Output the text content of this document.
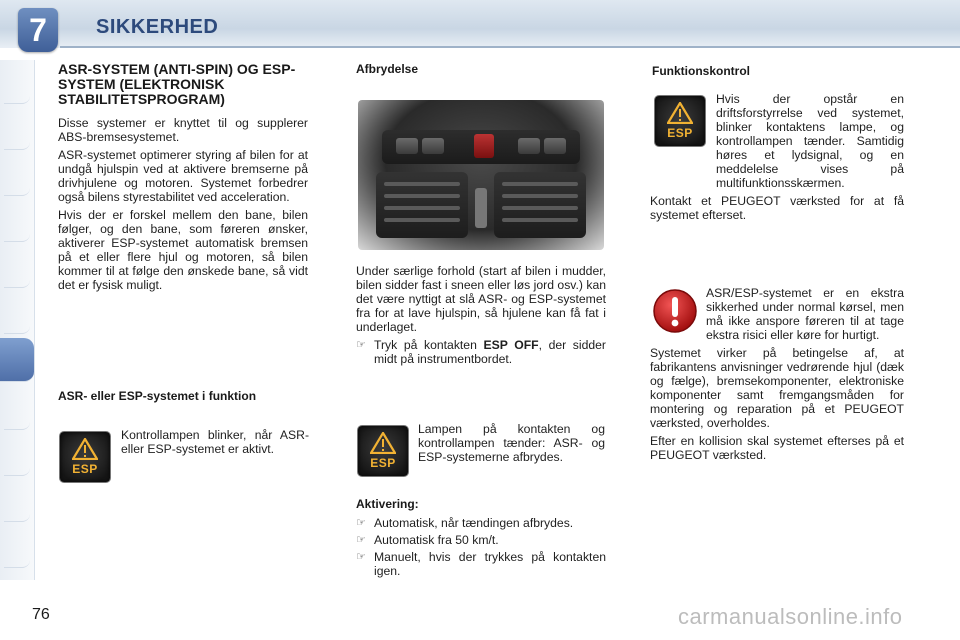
7	SIKKERHED
ASR-SYSTEM (ANTI-SPIN) OG ESP-SYSTEM (ELEKTRONISK STABILITETSPROGRAM)

Disse systemer er knyttet til og supplerer ABS-bremsesystemet.

ASR-systemet optimerer styring af bilen for at undgå hjulspin ved at aktivere bremserne på drivhjulene og motoren. Systemet forbedrer også bilens styrestabilitet ved acceleration.

Hvis der er forskel mellem den bane, bilen følger, og den bane, som føreren ønsker, aktiverer ESP-systemet automatisk bremsen på et eller flere hjul og motoren, så bilen kommer til at følge den ønskede bane, så vidt det er fysisk muligt.

ASR- eller ESP-systemet i funktion
ESP
Kontrollampen blinker, når ASR- eller ESP-systemet er aktivt.
Afbrydelse

Under særlige forhold (start af bilen i mudder, bilen sidder fast i sneen eller løs jord osv.) kan det være nyttigt at slå ASR- og ESP-systemet fra for at lave hjulspin, så hjulene kan få fat i underlaget.

☞ Tryk på kontakten ESP OFF, der sidder midt på instrumentbordet.
ESP
Lampen på kontakten og kontrollampen tænder: ASR- og ESP-systemerne afbrydes.
Aktivering:
☞ Automatisk, når tændingen afbrydes.
☞ Automatisk fra 50 km/t.
☞ Manuelt, hvis der trykkes på kontakten igen.
Funktionskontrol
ESP

Hvis der opstår en driftsforstyrrelse ved systemet, blinker kontaktens lampe, og kontrollampen tænder. Samtidig høres et lydsignal, og en meddelelse vises på multifunktionsskærmen.

Kontakt et PEUGEOT værksted for at få systemet efterset.

ASR/ESP-systemet er en ekstra sikkerhed under normal kørsel, men må ikke anspore føreren til at tage ekstra risici eller køre for hurtigt.

Systemet virker på betingelse af, at fabrikantens anvisninger vedrørende hjul (dæk og fælge), bremsekomponenter, elektroniske komponenter samt fremgangsmåden for montering og reparation på et PEUGEOT værksted, overholdes.

Efter en kollision skal systemet efterses på et PEUGEOT værksted.

76	carmanualsonline.info
